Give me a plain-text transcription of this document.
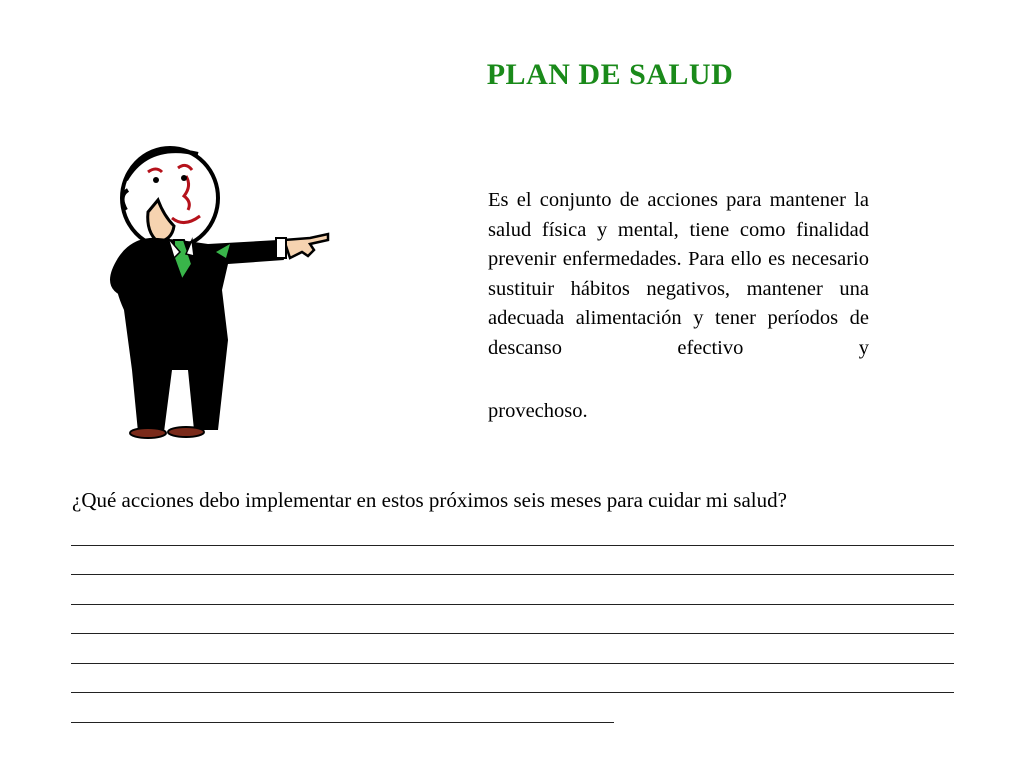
PLAN DE SALUD
Es el conjunto de acciones para mantener la salud física y mental, tiene como finalidad prevenir enfermedades. Para ello es necesario sustituir hábitos negativos, mantener una adecuada alimentación y tener períodos de descanso efectivo y
provechoso.
¿Qué acciones debo implementar en estos próximos seis meses para cuidar mi salud?
